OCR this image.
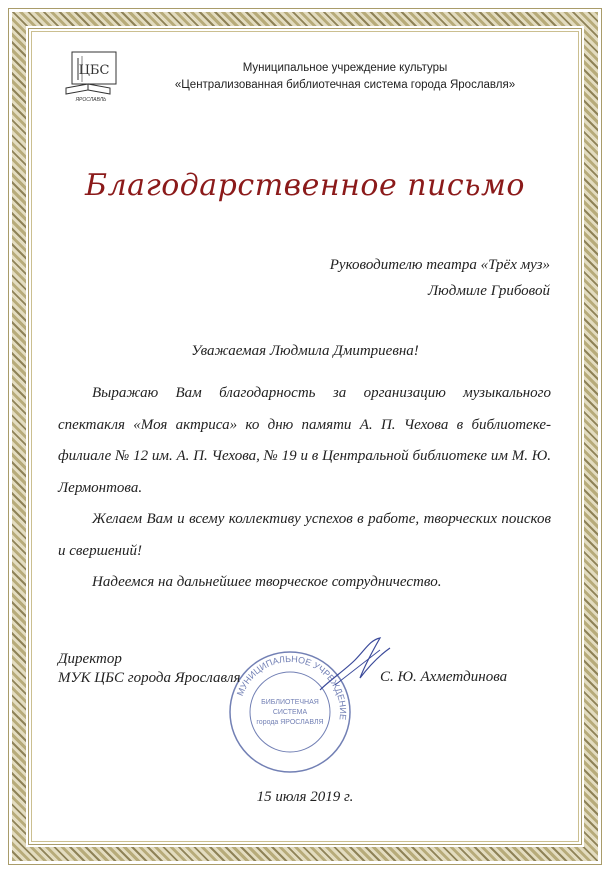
ЦБС
ЯРОСЛАВЛЬ
Муниципальное учреждение культуры
«Централизованная библиотечная система города Ярославля»
Благодарственное письмо
Руководителю театра «Трёх муз»
Людмиле Грибовой
Уважаемая Людмила Дмитриевна!

Выражаю Вам благодарность за организацию музыкального спектакля «Моя актриса» ко дню памяти А. П. Чехова в библиотеке-филиале № 12 им. А. П. Чехова, № 19 и в Центральной библиотеке им М. Ю. Лермонтова.

Желаем Вам и всему коллективу успехов в работе, творческих поисков и свершений!

Надеемся на дальнейшее творческое сотрудничество.

МУНИЦИПАЛЬНОЕ УЧРЕЖДЕНИЕ
БИБЛИОТЕЧНАЯ
СИСТЕМА
города ЯРОСЛАВЛЯ
Директор
МУК ЦБС города Ярославля	С. Ю. Ахметдинова
15 июля 2019 г.
